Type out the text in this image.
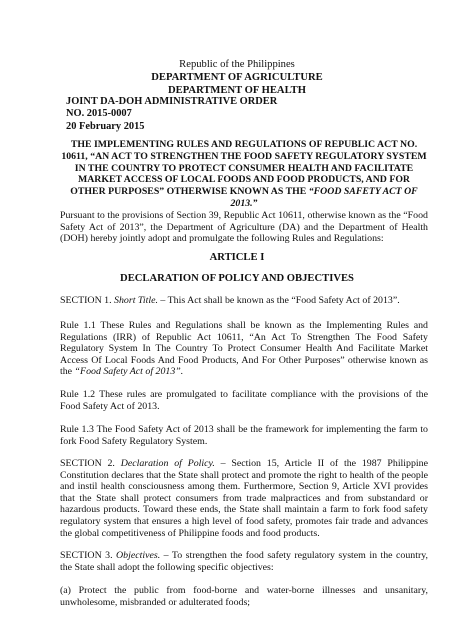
Republic of the Philippines
DEPARTMENT OF AGRICULTURE
DEPARTMENT OF HEALTH
JOINT DA-DOH ADMINISTRATIVE ORDER
NO. 2015-0007
20 February 2015
THE IMPLEMENTING RULES AND REGULATIONS OF REPUBLIC ACT NO. 10611, “AN ACT TO STRENGTHEN THE FOOD SAFETY REGULATORY SYSTEM IN THE COUNTRY TO PROTECT CONSUMER HEALTH AND FACILITATE MARKET ACCESS OF LOCAL FOODS AND FOOD PRODUCTS, AND FOR OTHER PURPOSES” OTHERWISE KNOWN AS THE “FOOD SAFETY ACT OF 2013.”
Pursuant to the provisions of Section 39, Republic Act 10611, otherwise known as the “Food Safety Act of 2013”, the Department of Agriculture (DA) and the Department of Health (DOH) hereby jointly adopt and promulgate the following Rules and Regulations:
ARTICLE I
DECLARATION OF POLICY AND OBJECTIVES
SECTION 1. Short Title. – This Act shall be known as the “Food Safety Act of 2013”.
Rule 1.1 These Rules and Regulations shall be known as the Implementing Rules and Regulations (IRR) of Republic Act 10611, “An Act To Strengthen The Food Safety Regulatory System In The Country To Protect Consumer Health And Facilitate Market Access Of Local Foods And Food Products, And For Other Purposes” otherwise known as the “Food Safety Act of 2013”.
Rule 1.2 These rules are promulgated to facilitate compliance with the provisions of the Food Safety Act of 2013.
Rule 1.3 The Food Safety Act of 2013 shall be the framework for implementing the farm to fork Food Safety Regulatory System.
SECTION 2. Declaration of Policy. – Section 15, Article II of the 1987 Philippine Constitution declares that the State shall protect and promote the right to health of the people and instil health consciousness among them. Furthermore, Section 9, Article XVI provides that the State shall protect consumers from trade malpractices and from substandard or hazardous products. Toward these ends, the State shall maintain a farm to fork food safety regulatory system that ensures a high level of food safety, promotes fair trade and advances the global competitiveness of Philippine foods and food products.
SECTION 3. Objectives. – To strengthen the food safety regulatory system in the country, the State shall adopt the following specific objectives:
(a) Protect the public from food-borne and water-borne illnesses and unsanitary, unwholesome, misbranded or adulterated foods;
